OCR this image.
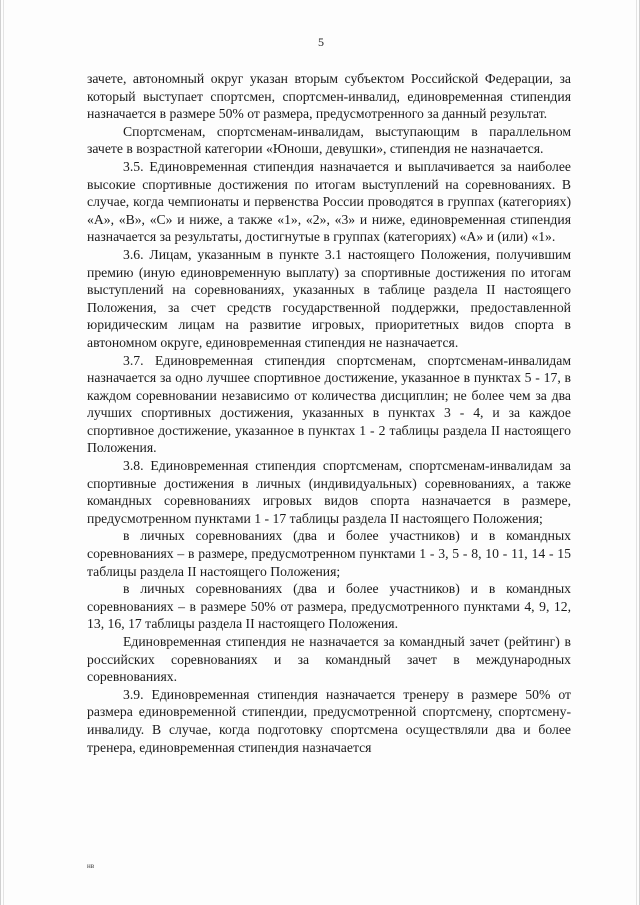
5

зачете, автономный округ указан вторым субъектом Российской Федерации, за который выступает спортсмен, спортсмен-инвалид, единовременная стипендия назначается в размере 50% от размера, предусмотренного за данный результат.

Спортсменам, спортсменам-инвалидам, выступающим в параллельном зачете в возрастной категории «Юноши, девушки», стипендия не назначается.

3.5. Единовременная стипендия назначается и выплачивается за наиболее высокие спортивные достижения по итогам выступлений на соревнованиях. В случае, когда чемпионаты и первенства России проводятся в группах (категориях) «А», «В», «С» и ниже, а также «1», «2», «3» и ниже, единовременная стипендия назначается за результаты, достигнутые в группах (категориях) «А» и (или) «1».

3.6. Лицам, указанным в пункте 3.1 настоящего Положения, получившим премию (иную единовременную выплату) за спортивные достижения по итогам выступлений на соревнованиях, указанных в таблице раздела II настоящего Положения, за счет средств государственной поддержки, предоставленной юридическим лицам на развитие игровых, приоритетных видов спорта в автономном округе, единовременная стипендия не назначается.

3.7. Единовременная стипендия спортсменам, спортсменам-инвалидам назначается за одно лучшее спортивное достижение, указанное в пунктах 5 - 17, в каждом соревновании независимо от количества дисциплин; не более чем за два лучших спортивных достижения, указанных в пунктах 3 - 4, и за каждое спортивное достижение, указанное в пунктах 1 - 2 таблицы раздела II настоящего Положения.

3.8. Единовременная стипендия спортсменам, спортсменам-инвалидам за спортивные достижения в личных (индивидуальных) соревнованиях, а также командных соревнованиях игровых видов спорта назначается в размере, предусмотренном пунктами 1 - 17 таблицы раздела II настоящего Положения;

в личных соревнованиях (два и более участников) и в командных соревнованиях – в размере, предусмотренном пунктами 1 - 3, 5 - 8, 10 - 11, 14 - 15 таблицы раздела II настоящего Положения;

в личных соревнованиях (два и более участников) и в командных соревнованиях – в размере 50% от размера, предусмотренного пунктами 4, 9, 12, 13, 16, 17 таблицы раздела II настоящего Положения.

Единовременная стипендия не назначается за командный зачет (рейтинг) в российских соревнованиях и за командный зачет в международных соревнованиях.

3.9. Единовременная стипендия назначается тренеру в размере 50% от размера единовременной стипендии, предусмотренной спортсмену, спортсмену-инвалиду. В случае, когда подготовку спортсмена осуществляли два и более тренера, единовременная стипендия назначается

нв
